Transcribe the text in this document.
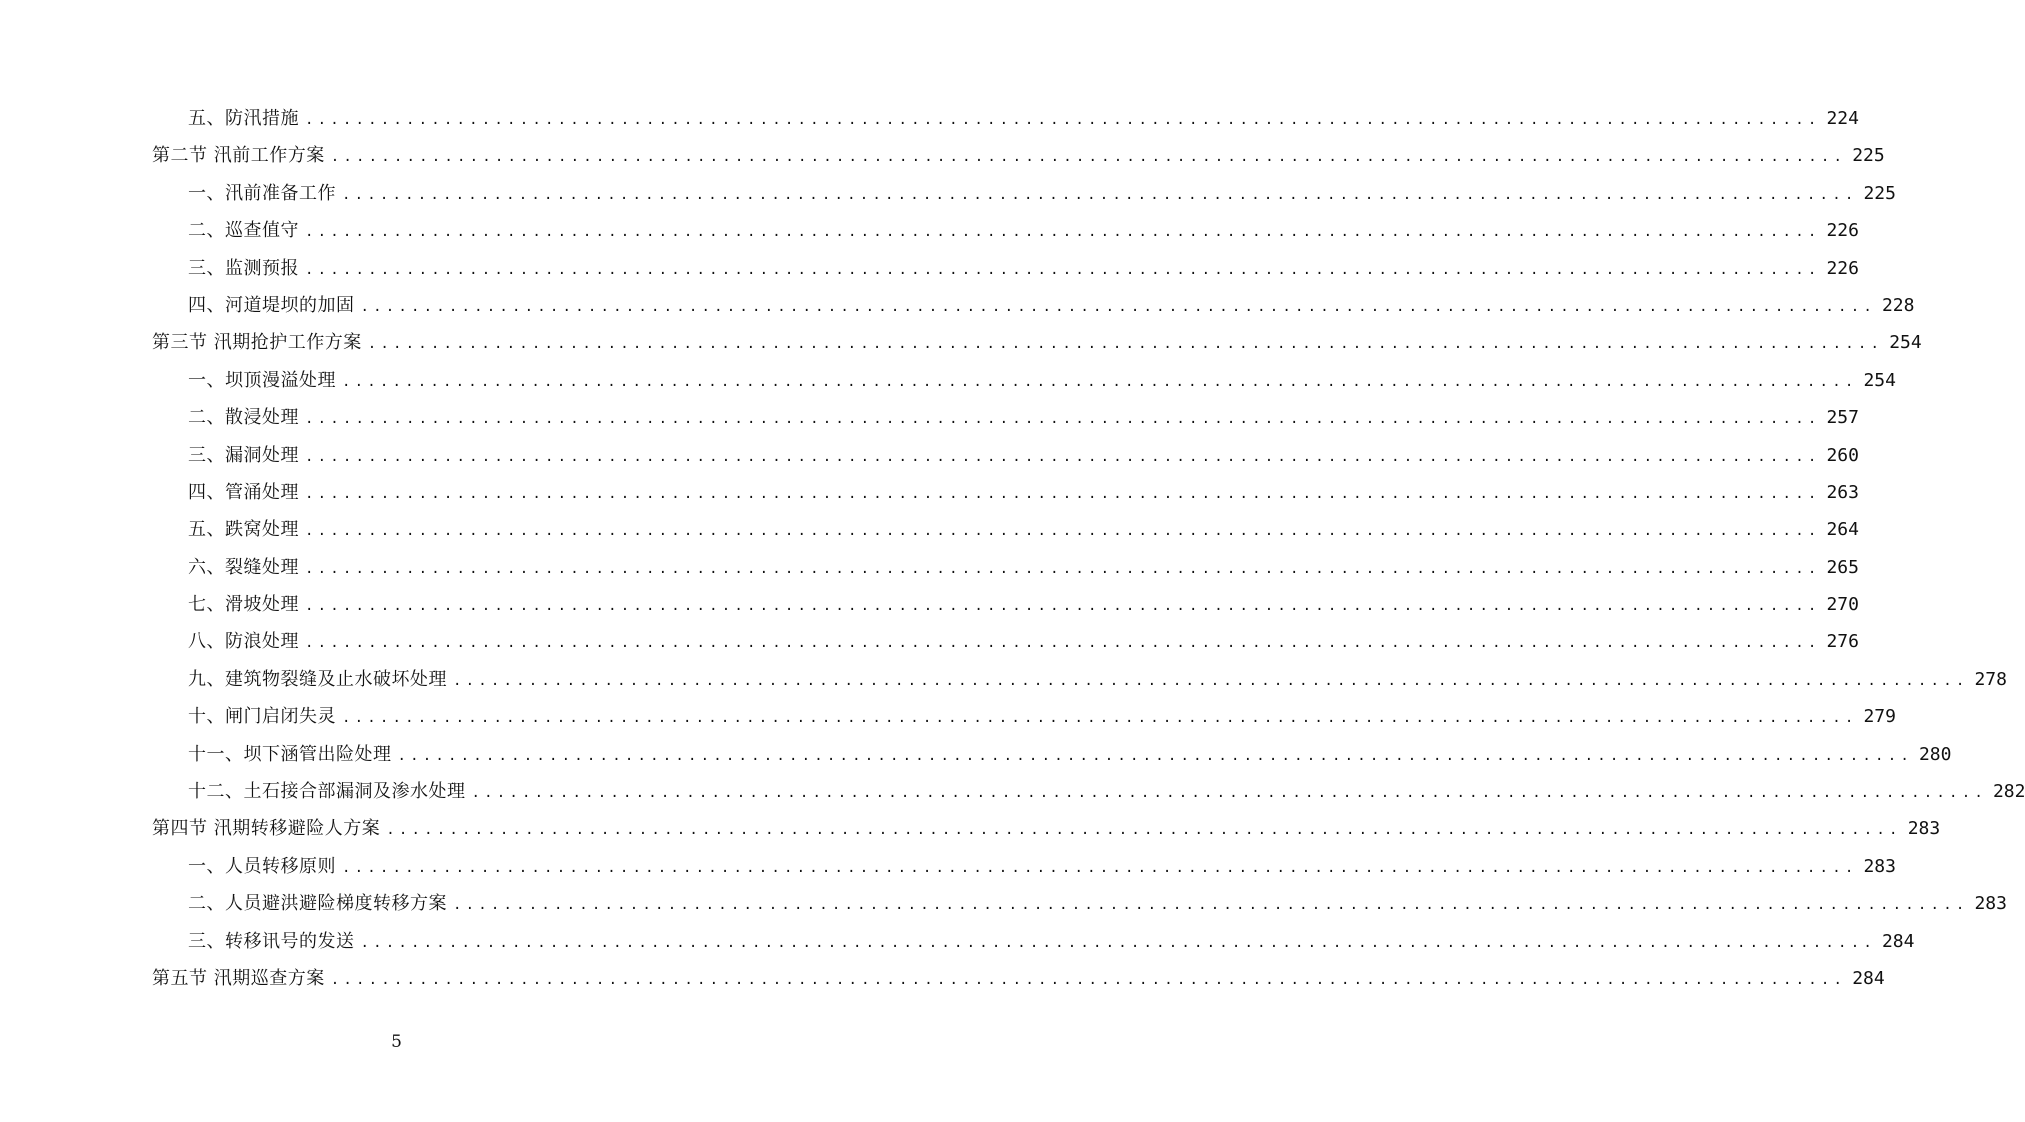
五、防汛措施 ........................................................................................................................ 224
第二节 汛前工作方案 ........................................................................................................................ 225
一、汛前准备工作 ........................................................................................................................ 225
二、巡查值守 ........................................................................................................................ 226
三、监测预报 ........................................................................................................................ 226
四、河道堤坝的加固 ........................................................................................................................ 228
第三节 汛期抢护工作方案 ........................................................................................................................ 254
一、坝顶漫溢处理 ........................................................................................................................ 254
二、散浸处理 ........................................................................................................................ 257
三、漏洞处理 ........................................................................................................................ 260
四、管涌处理 ........................................................................................................................ 263
五、跌窝处理 ........................................................................................................................ 264
六、裂缝处理 ........................................................................................................................ 265
七、滑坡处理 ........................................................................................................................ 270
八、防浪处理 ........................................................................................................................ 276
九、建筑物裂缝及止水破坏处理 ........................................................................................................................ 278
十、闸门启闭失灵 ........................................................................................................................ 279
十一、坝下涵管出险处理 ........................................................................................................................ 280
十二、土石接合部漏洞及渗水处理 ........................................................................................................................ 282
第四节 汛期转移避险人方案 ........................................................................................................................ 283
一、人员转移原则 ........................................................................................................................ 283
二、人员避洪避险梯度转移方案 ........................................................................................................................ 283
三、转移讯号的发送 ........................................................................................................................ 284
第五节 汛期巡查方案 ........................................................................................................................ 284
5
